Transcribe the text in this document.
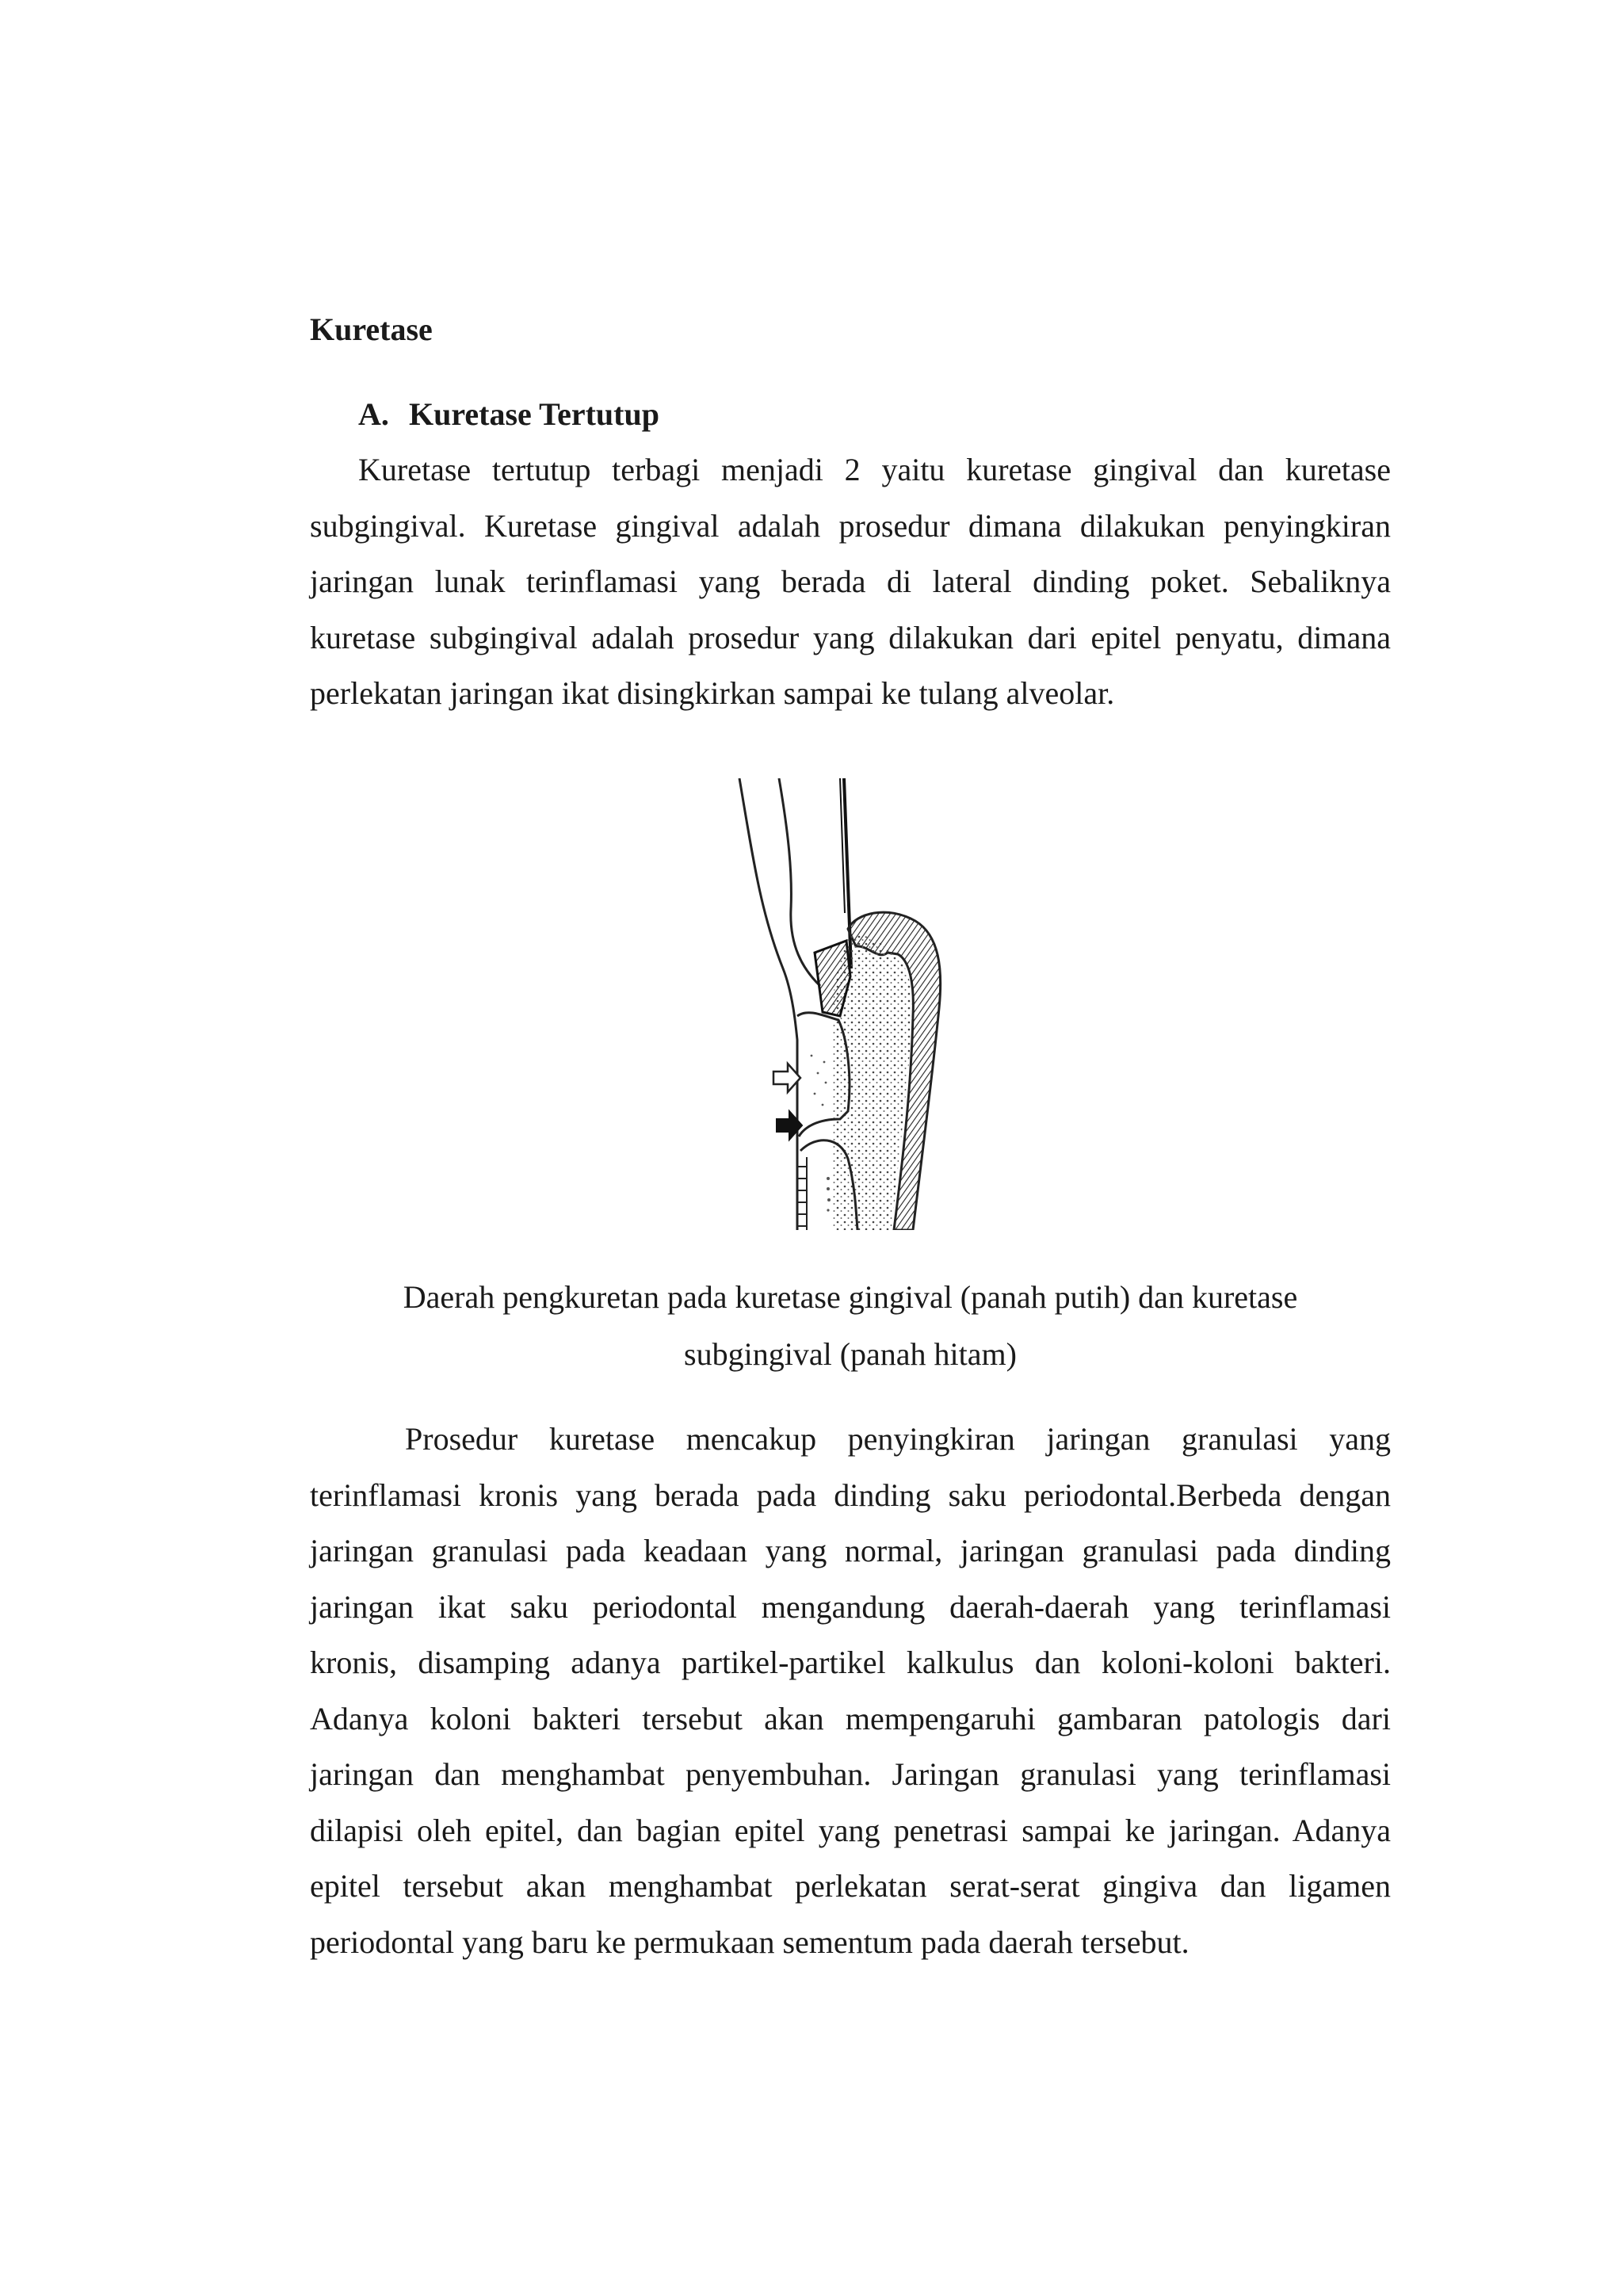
Kuretase
A. Kuretase Tertutup

Kuretase tertutup terbagi menjadi 2 yaitu kuretase gingival dan kuretase
subgingival. Kuretase gingival adalah prosedur dimana dilakukan penyingkiran
jaringan lunak terinflamasi yang berada di lateral dinding poket. Sebaliknya
kuretase subgingival adalah prosedur yang dilakukan dari epitel penyatu, dimana
perlekatan jaringan ikat disingkirkan sampai ke tulang alveolar.

Daerah pengkuretan pada kuretase gingival (panah putih) dan kuretase
subgingival (panah hitam)

Prosedur kuretase mencakup penyingkiran jaringan granulasi yang
terinflamasi kronis yang berada pada dinding saku periodontal.Berbeda dengan
jaringan granulasi pada keadaan yang normal, jaringan granulasi pada dinding
jaringan ikat saku periodontal mengandung daerah-daerah yang terinflamasi
kronis, disamping adanya partikel-partikel kalkulus dan koloni-koloni bakteri.
Adanya koloni bakteri tersebut akan mempengaruhi gambaran patologis dari
jaringan dan menghambat penyembuhan. Jaringan granulasi yang terinflamasi
dilapisi oleh epitel, dan bagian epitel yang penetrasi sampai ke jaringan. Adanya
epitel tersebut akan menghambat perlekatan serat-serat gingiva dan ligamen
periodontal yang baru ke permukaan sementum pada daerah tersebut.
